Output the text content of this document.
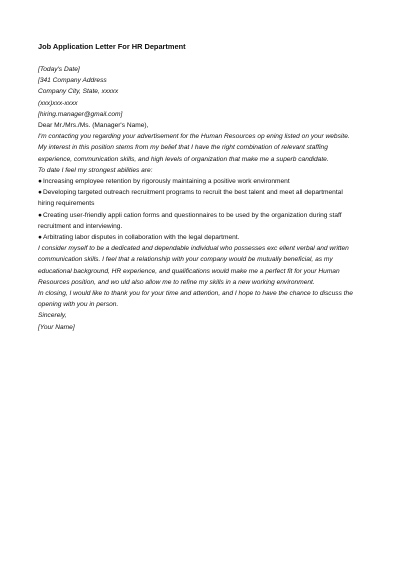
Job Application Letter For HR Department
[Today's Date]
[341 Company Address
Company City, State, xxxxx
(xxx)xxx-xxxx
[hiring.manager@gmail.com]
Dear Mr./Mrs./Ms. (Manager's Name),
I'm contacting you regarding your advertisement for the Human Resources op ening listed on your website.
My interest in this position stems from my belief that I have the right combination of relevant staffing
experience, communication skills, and high levels of organization that make me a superb candidate.
To date I feel my strongest abilities are:
●Increasing employee retention by rigorously maintaining a positive work environment
●Developing targeted outreach recruitment programs to recruit the best talent and meet all departmental
hiring requirements
●Creating user-friendly appli cation forms and questionnaires to be used by the organization during staff
recruitment and interviewing.
●Arbitrating labor disputes in collaboration with the legal department.
I consider myself to be a dedicated and dependable individual who possesses exc ellent verbal and written
communication skills. I feel that a relationship with your company would be mutually beneficial, as my
educational background, HR experience, and qualifications would make me a perfect fit for your Human
Resources position, and wo uld also allow me to refine my skills in a new working environment.
In closing, I would like to thank you for your time and attention, and I hope to have the chance to discuss the
opening with you in person.
Sincerely,
[Your Name]
